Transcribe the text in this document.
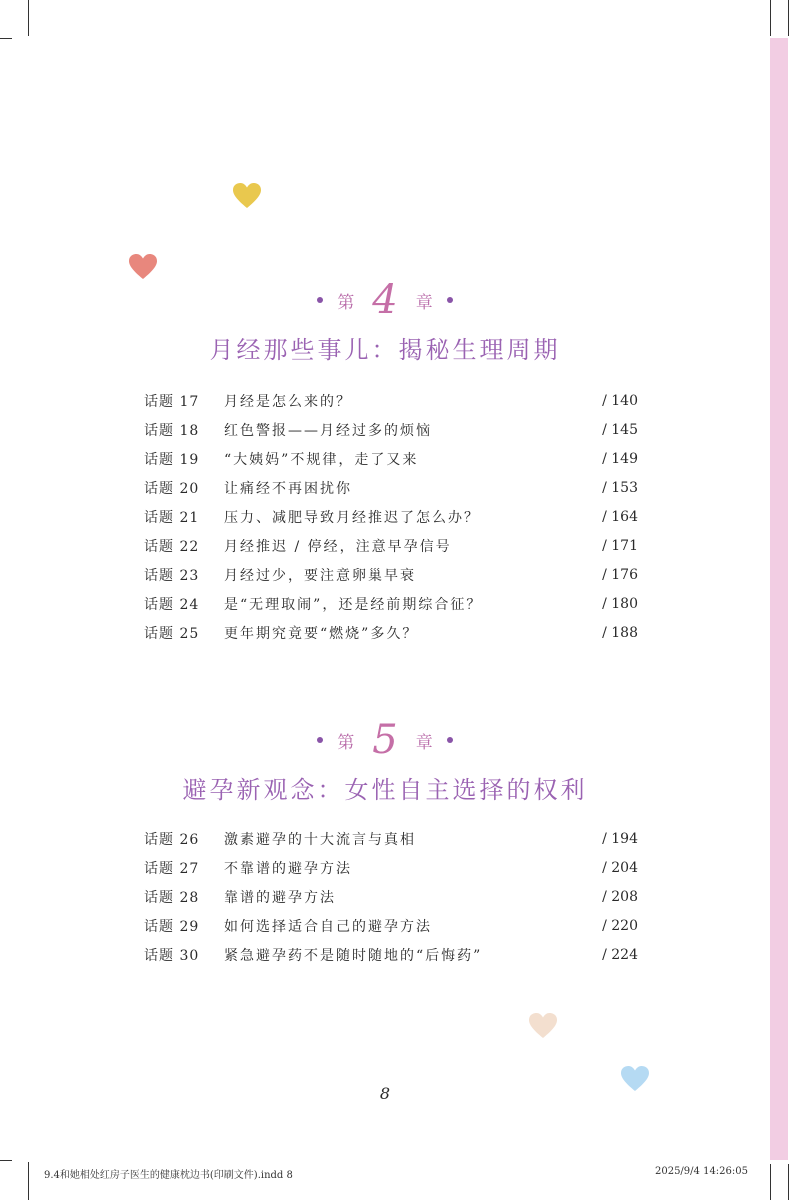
第 4 章
月经那些事儿：揭秘生理周期
话题 17	月经是怎么来的？	/ 140
话题 18	红色警报——月经过多的烦恼	/ 145
话题 19	“大姨妈”不规律，走了又来	/ 149
话题 20	让痛经不再困扰你	/ 153
话题 21	压力、减肥导致月经推迟了怎么办？	/ 164
话题 22	月经推迟 / 停经，注意早孕信号	/ 171
话题 23	月经过少，要注意卵巢早衰	/ 176
话题 24	是“无理取闹”，还是经前期综合征？	/ 180
话题 25	更年期究竟要“燃烧”多久？	/ 188
第 5 章
避孕新观念：女性自主选择的权利
话题 26	激素避孕的十大流言与真相	/ 194
话题 27	不靠谱的避孕方法	/ 204
话题 28	靠谱的避孕方法	/ 208
话题 29	如何选择适合自己的避孕方法	/ 220
话题 30	紧急避孕药不是随时随地的“后悔药”	/ 224
8
9.4和她相处红房子医生的健康枕边书(印刷文件).indd 8	2025/9/4 14:26:05
